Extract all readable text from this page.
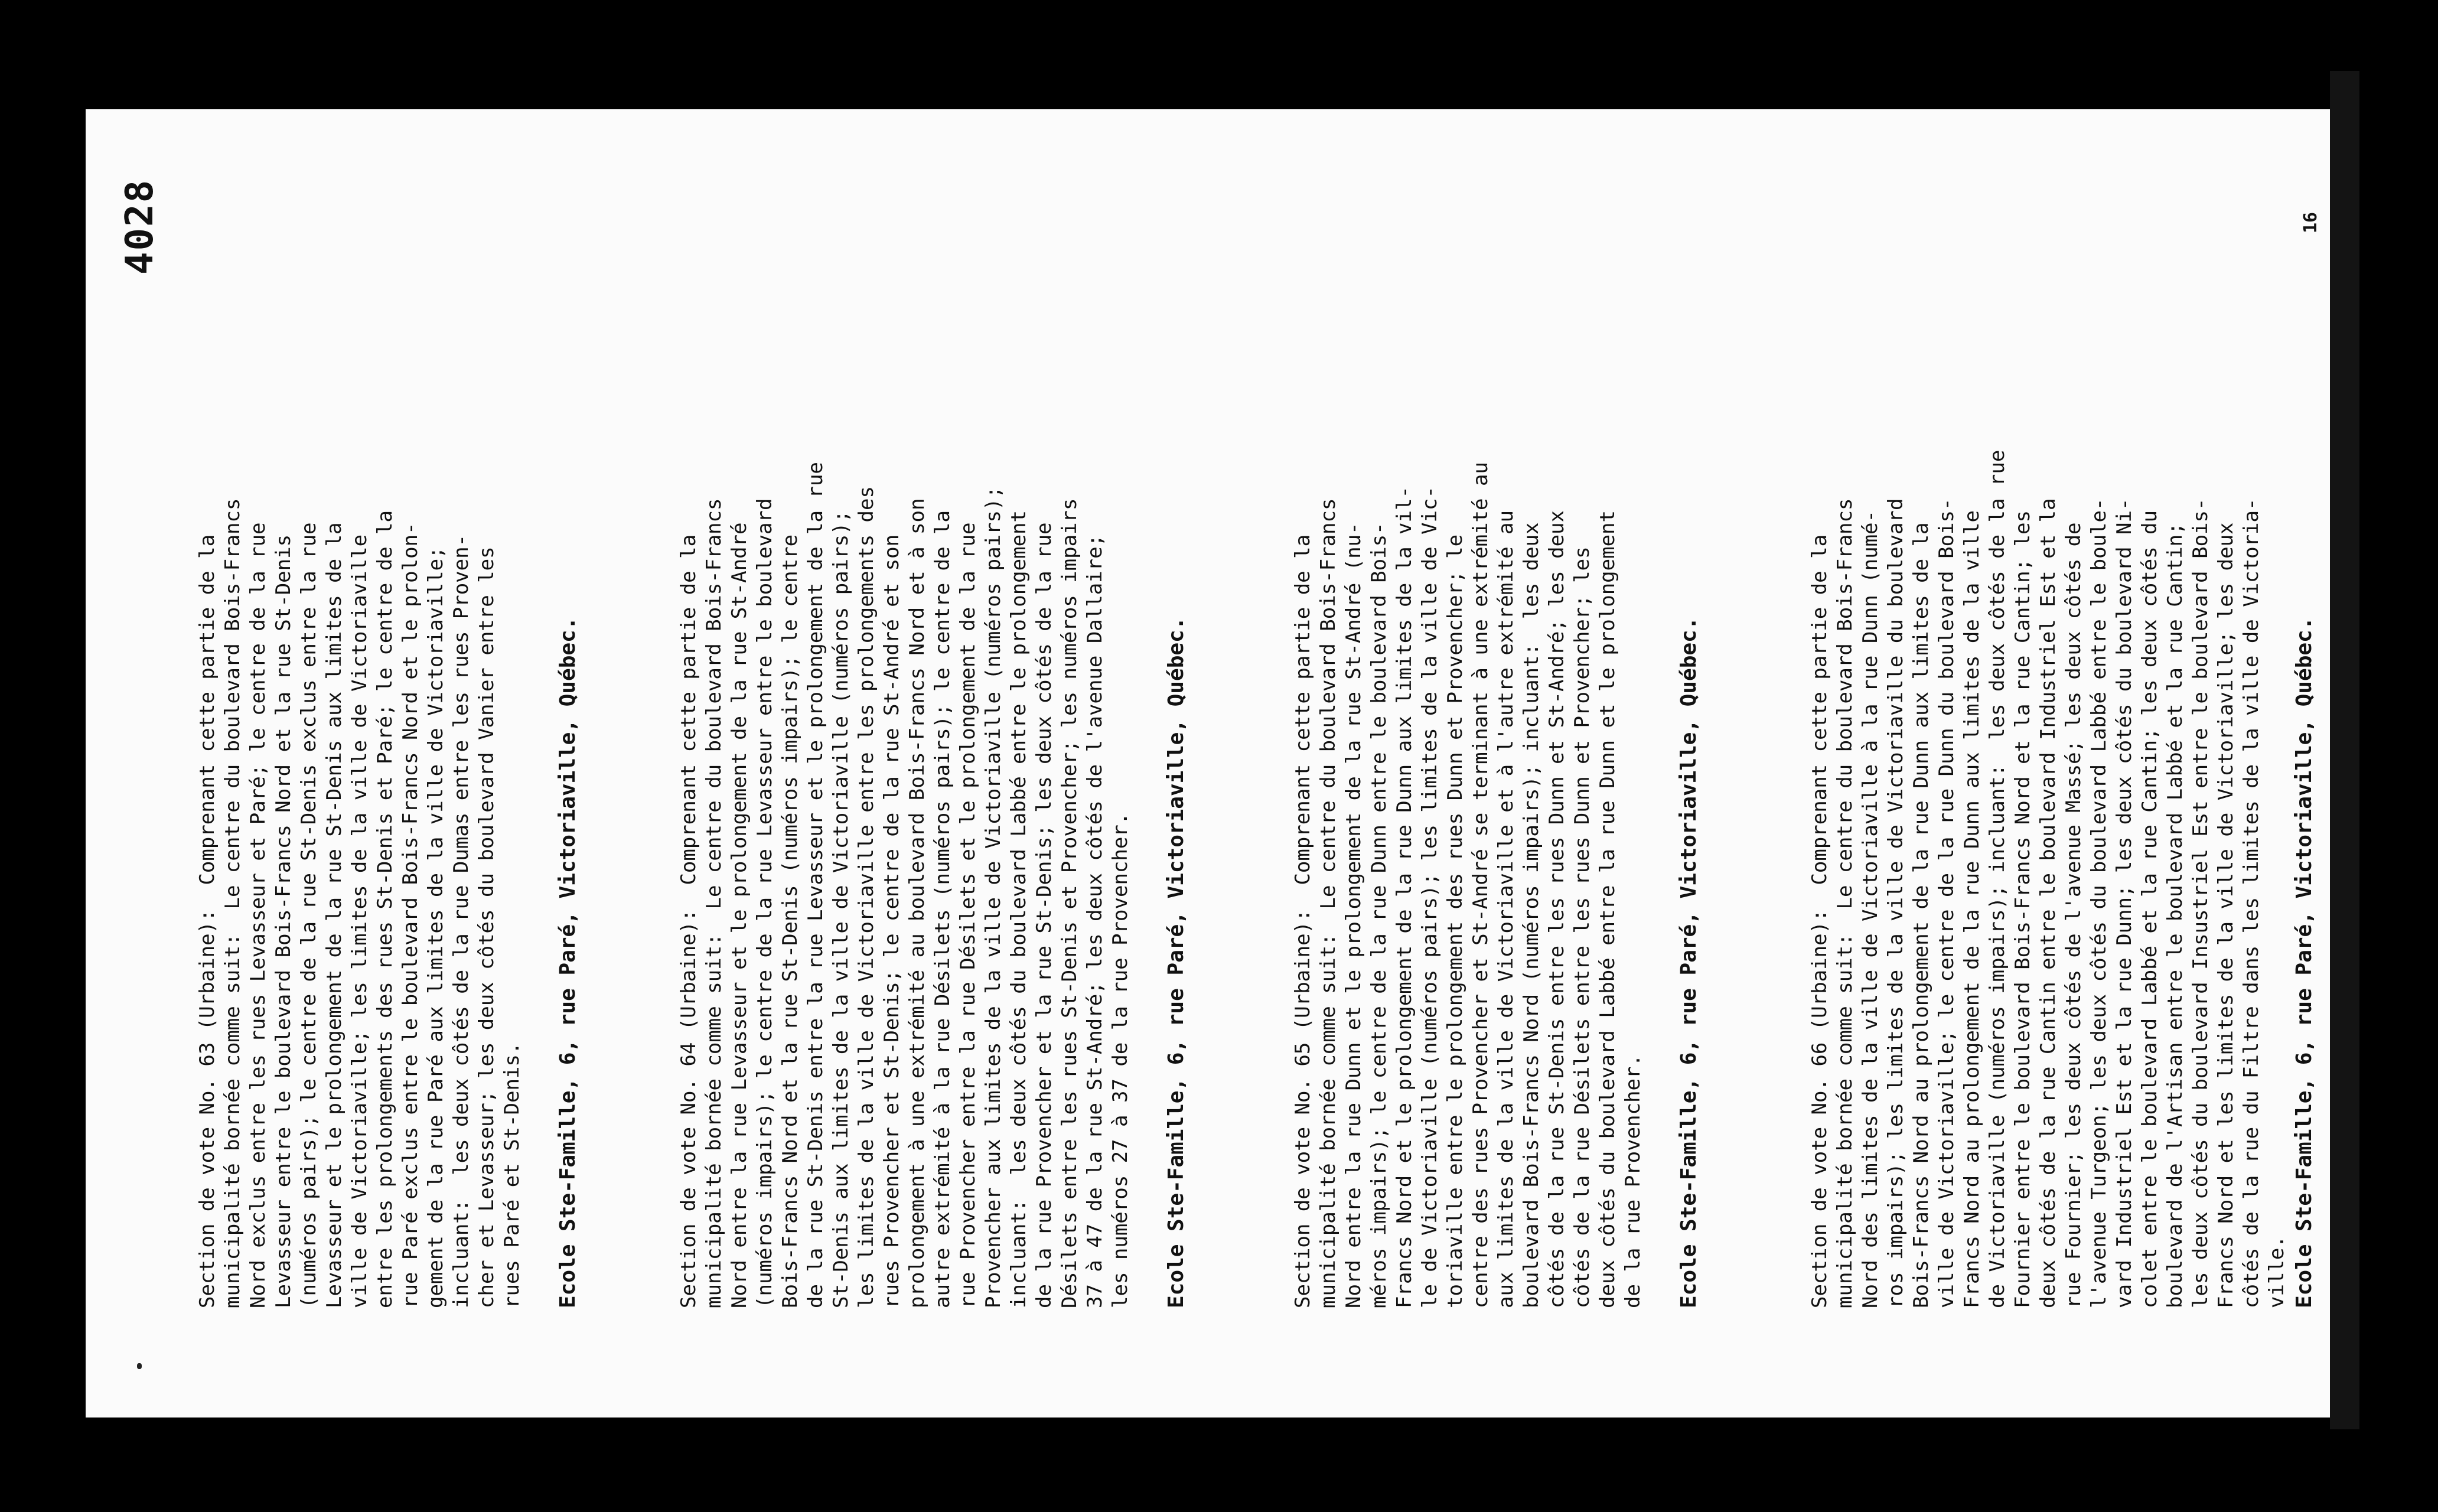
4028	16
Section de vote No. 63 (Urbaine):  Comprenant cette partie de la municipalité bornée comme suit:  Le centre du boulevard Bois-Francs Nord exclus entre les rues Levasseur et Paré; le centre de la rue Levasseur entre le boulevard Bois-Francs Nord et la rue St-Denis (numéros pairs); le centre de la rue St-Denis exclus entre la rue Levasseur et le prolongement de la rue St-Denis aux limites de la ville de Victoriaville; les limites de la ville de Victoriaville entre les prolongements des rues St-Denis et Paré; le centre de la rue Paré exclus entre le boulevard Bois-Francs Nord et le prolon- gement de la rue Paré aux limites de la ville de Victoriaville; incluant:  les deux côtés de la rue Dumas entre les rues Proven- cher et Levasseur; les deux côtés du boulevard Vanier entre les rues Paré et St-Denis. Ecole Ste-Famille, 6, rue Paré, Victoriaville, Québec.	Section de vote No. 64 (Urbaine):  Comprenant cette partie de la municipalité bornée comme suit:  Le centre du boulevard Bois-Francs Nord entre la rue Levasseur et le prolongement de la rue St-André (numéros impairs); le centre de la rue Levasseur entre le boulevard Bois-Francs Nord et la rue St-Denis (numéros impairs); le centre de la rue St-Denis entre la rue Levasseur et le prolongement de la rue St-Denis aux limites de la ville de Victoriaville (numéros pairs); les limites de la ville de Victoriaville entre les prolongements des rues Provencher et St-Denis; le centre de la rue St-André et son prolongement à une extrémité au boulevard Bois-Francs Nord et à son autre extrémité à la rue Désilets (numéros pairs); le centre de la rue Provencher entre la rue Désilets et le prolongement de la rue Provencher aux limites de la ville de Victoriaville (numéros pairs); incluant:  les deux côtés du boulevard Labbé entre le prolongement de la rue Provencher et la rue St-Denis; les deux côtés de la rue Désilets entre les rues St-Denis et Provencher; les numéros impairs 37 à 47 de la rue St-André; les deux côtés de l'avenue Dallaire; les numéros 27 à 37 de la rue Provencher. Ecole Ste-Famille, 6, rue Paré, Victoriaville, Québec.	Section de vote No. 65 (Urbaine):  Comprenant cette partie de la municipalité bornée comme suit:  Le centre du boulevard Bois-Francs Nord entre la rue Dunn et le prolongement de la rue St-André (nu- méros impairs); le centre de la rue Dunn entre le boulevard Bois- Francs Nord et le prolongement de la rue Dunn aux limites de la vil- le de Victoriaville (numéros pairs); les limites de la ville de Vic- toriaville entre le prolongement des rues Dunn et Provencher; le centre des rues Provencher et St-André se terminant à une extrémité au aux limites de la ville de Victoriaville et à l'autre extrémité au boulevard Bois-Francs Nord (numéros impairs); incluant:  les deux côtés de la rue St-Denis entre les rues Dunn et St-André; les deux côtés de la rue Désilets entre les rues Dunn et Provencher; les deux côtés du boulevard Labbé entre la rue Dunn et le prolongement de la rue Provencher. Ecole Ste-Famille, 6, rue Paré, Victoriaville, Québec.	Section de vote No. 66 (Urbaine):  Comprenant cette partie de la municipalité bornée comme suit:  Le centre du boulevard Bois-Francs Nord des limites de la ville de Victoriaville à la rue Dunn (numé- ros impairs); les limites de la ville de Victoriaville du boulevard Bois-Francs Nord au prolongement de la rue Dunn aux limites de la ville de Victoriaville; le centre de la rue Dunn du boulevard Bois- Francs Nord au prolongement de la rue Dunn aux limites de la ville de Victoriaville (numéros impairs); incluant:  les deux côtés de la rue Fournier entre le boulevard Bois-Francs Nord et la rue Cantin; les deux côtés de la rue Cantin entre le boulevard Industriel Est et la rue Fournier; les deux côtés de l'avenue Massé; les deux côtés de l'avenue Turgeon; les deux côtés du boulevard Labbé entre le boule- vard Industriel Est et la rue Dunn; les deux côtés du boulevard Ni- colet entre le boulevard Labbé et la rue Cantin; les deux côtés du boulevard de l'Artisan entre le boulevard Labbé et la rue Cantin; les deux côtés du boulevard Insustriel Est entre le boulevard Bois- Francs Nord et les limites de la ville de Victoriaville; les deux côtés de la rue du Filtre dans les limites de la ville de Victoria- ville. Ecole Ste-Famille, 6, rue Paré, Victoriaville, Québec.
